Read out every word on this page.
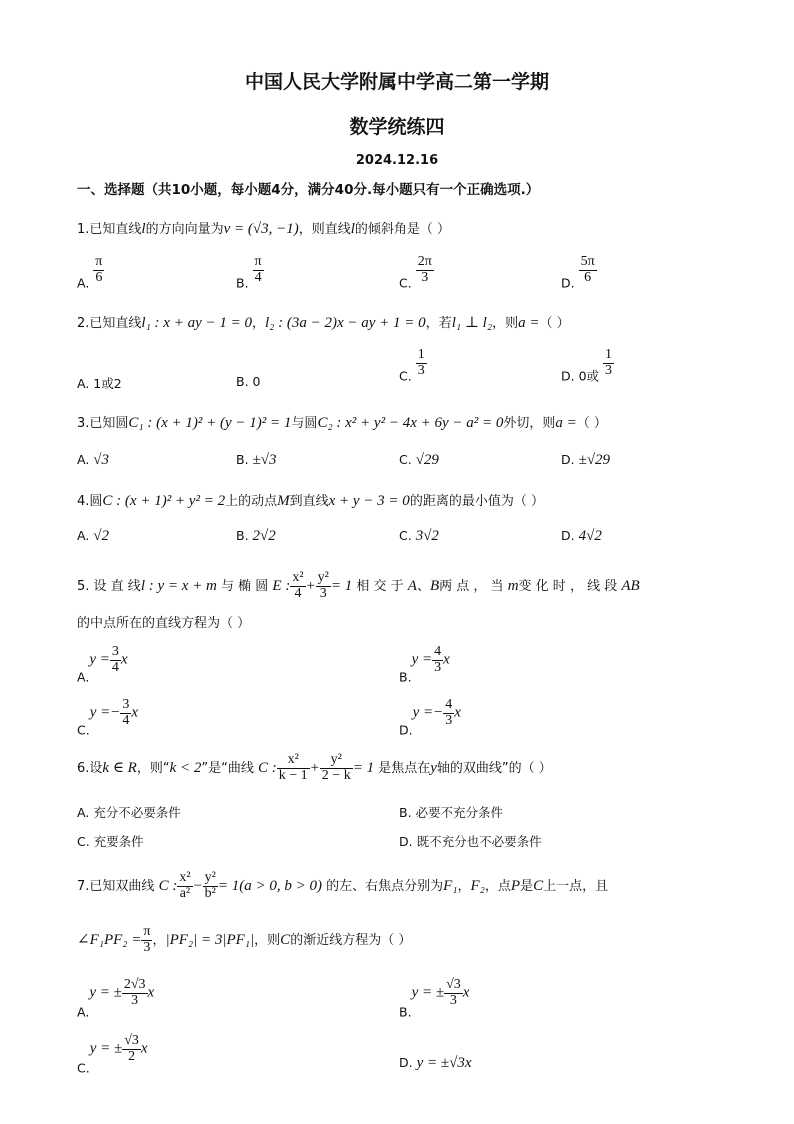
中国人民大学附属中学高二第一学期
数学统练四
2024.12.16
一、选择题（共10小题，每小题4分，满分40分.每小题只有一个正确选项.）
1.已知直线l的方向向量为v = (√3, −1)，则直线l的倾斜角是（ ）
A. $\frac{\pi}{6}$	B. $\frac{\pi}{4}$	C. $\frac{2\pi}{3}$	D. $\frac{5\pi}{6}$
2.已知直线l₁ : x + ay − 1 = 0，l₂ : (3a − 2)x − ay + 1 = 0，若l₁ ⊥ l₂，则a =（ ）
A. 1或2	B. 0	C. $\frac{1}{3}$	D. 0或 $\frac{1}{3}$
3.已知圆C₁ : (x + 1)² + (y − 1)² = 1与圆C₂ : x² + y² − 4x + 6y − a² = 0外切，则a =（ ）
A. √3	B. ±√3	C. √29	D. ±√29
4.圆C : (x + 1)² + y² = 2上的动点M到直线x + y − 3 = 0的距离的最小值为（ ）
A. √2	B. 2√2	C. 3√2	D. 4√2
5. 设 直 线l : y = x + m 与 椭 圆 E : $\frac{\text{x²}}{4} + \frac{\text{y²}}{3} = 1$ 相 交 于 A、B两 点 ， 当 m变 化 时 ， 线 段 AB
的中点所在的直线方程为（ ）
$A.y = \frac{3}{4}$ x
$B.y = \frac{4}{3}$ x
$C.y =- \frac{3}{4}$ x
$D.y =- \frac{4}{3}$ x
6.设k ∈ R，则“k < 2”是“曲线 C : $\frac{\text{x²}}{k - 1} + \frac{\text{y²}}{2 - k} = 1$ 是焦点在y轴的双曲线”的（ ）
A. 充分不必要条件	B. 必要不充分条件
C. 充要条件	D. 既不充分也不必要条件
7.已知双曲线 C : $\frac{\text{x²}}{\text{a²}} - \frac{\text{y²}}{\text{b²}} = 1(a > 0$, b > 0) 的左、右焦点分别为F₁，F₂，点P是C上一点，且
∠F₁PF₂ = $\frac{\pi}{3}$ ，|PF₂| = 3|PF₁|，则C的渐近线方程为（ ）
A.y = ± $\frac{2√3}{3}$ x
B.y = ± $\frac{√3}{3}$ x
C.y = ± $\frac{√3}{2}$ x
D. y = ±√3x
